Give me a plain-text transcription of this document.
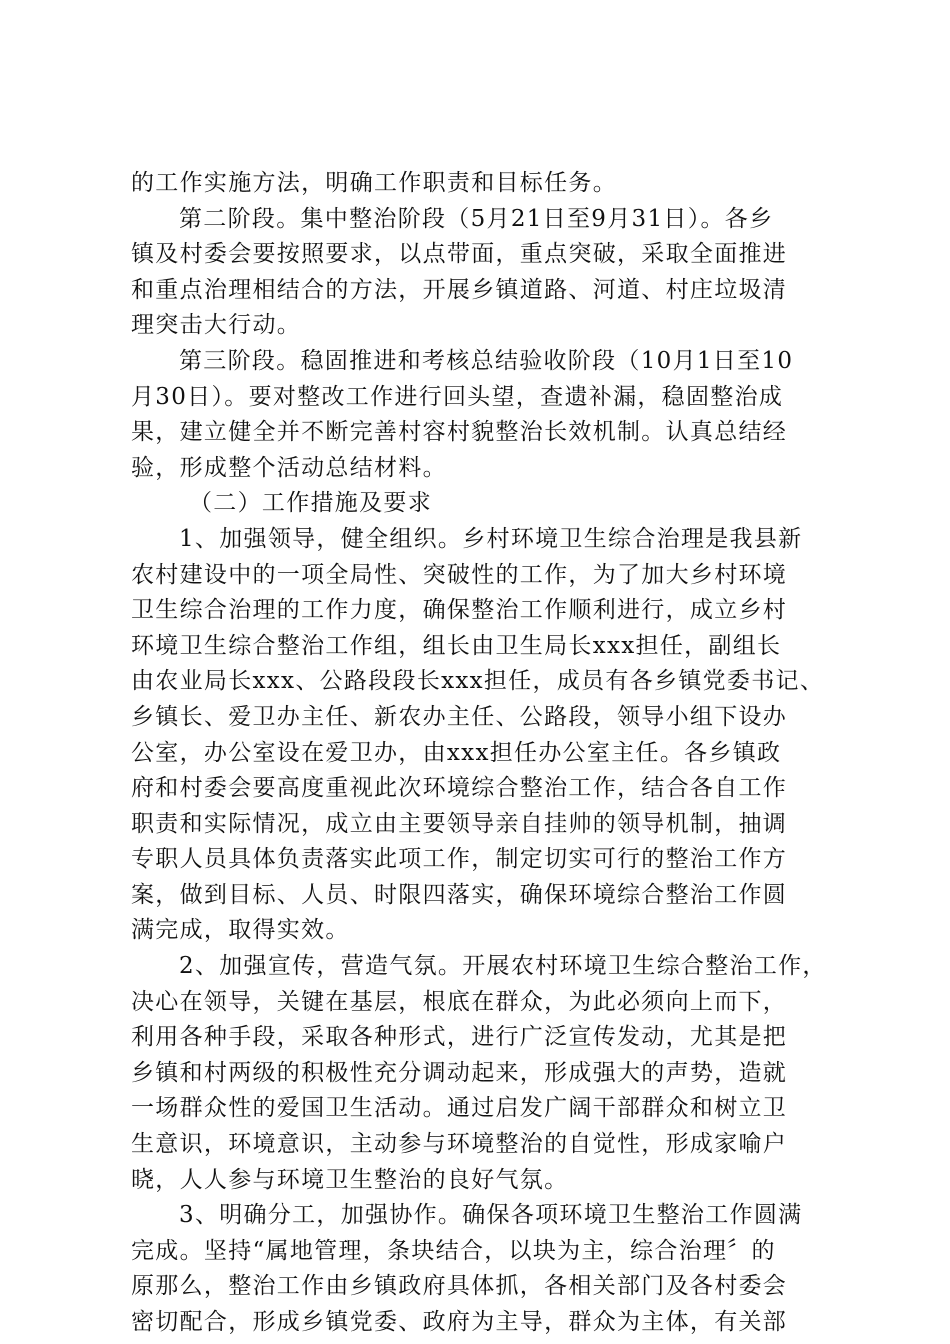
的工作实施方法，明确工作职责和目标任务。
第二阶段。集中整治阶段（5月21日至9月31日）。各乡
镇及村委会要按照要求，以点带面，重点突破，采取全面推进
和重点治理相结合的方法，开展乡镇道路、河道、村庄垃圾清
理突击大行动。
第三阶段。稳固推进和考核总结验收阶段（10月1日至10
月30日）。要对整改工作进行回头望，查遗补漏，稳固整治成
果，建立健全并不断完善村容村貌整治长效机制。认真总结经
验，形成整个活动总结材料。
（二）工作措施及要求
1、加强领导，健全组织。乡村环境卫生综合治理是我县新
农村建设中的一项全局性、突破性的工作，为了加大乡村环境
卫生综合治理的工作力度，确保整治工作顺利进行，成立乡村
环境卫生综合整治工作组，组长由卫生局长xxx担任，副组长
由农业局长xxx、公路段段长xxx担任，成员有各乡镇党委书记、
乡镇长、爱卫办主任、新农办主任、公路段，领导小组下设办
公室，办公室设在爱卫办，由xxx担任办公室主任。各乡镇政
府和村委会要高度重视此次环境综合整治工作，结合各自工作
职责和实际情况，成立由主要领导亲自挂帅的领导机制，抽调
专职人员具体负责落实此项工作，制定切实可行的整治工作方
案，做到目标、人员、时限四落实，确保环境综合整治工作圆
满完成，取得实效。
2、加强宣传，营造气氛。开展农村环境卫生综合整治工作，
决心在领导，关键在基层，根底在群众，为此必须向上而下，
利用各种手段，采取各种形式，进行广泛宣传发动，尤其是把
乡镇和村两级的积极性充分调动起来，形成强大的声势，造就
一场群众性的爱国卫生活动。通过启发广阔干部群众和树立卫
生意识，环境意识，主动参与环境整治的自觉性，形成家喻户
晓，人人参与环境卫生整治的良好气氛。
3、明确分工，加强协作。确保各项环境卫生整治工作圆满
完成。坚持“属地管理，条块结合，以块为主，综合治理〞的
原那么，整治工作由乡镇政府具体抓，各相关部门及各村委会
密切配合，形成乡镇党委、政府为主导，群众为主体，有关部
